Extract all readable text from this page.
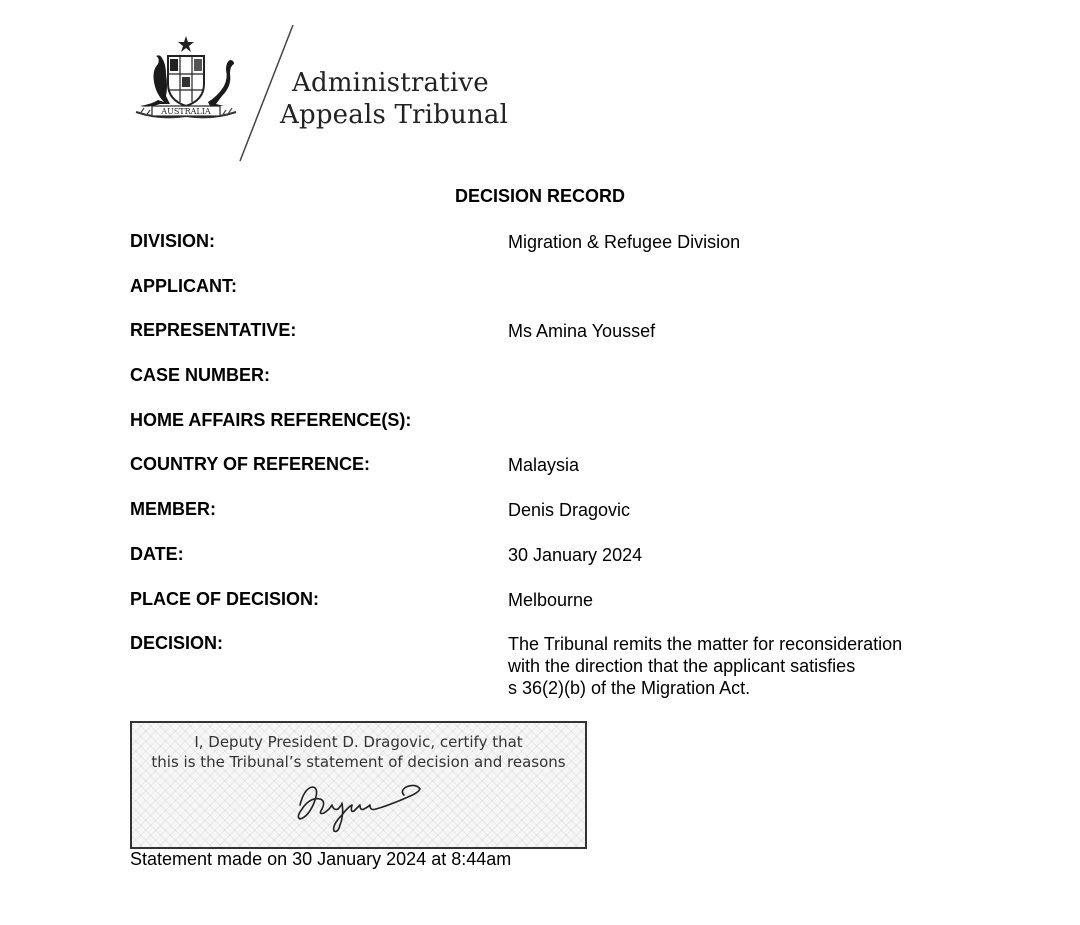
AUSTRALIA
Administrative
Appeals Tribunal
DECISION RECORD
DIVISION:	Migration & Refugee Division
APPLICANT:
REPRESENTATIVE:	Ms Amina Youssef
CASE NUMBER:
HOME AFFAIRS REFERENCE(S):
COUNTRY OF REFERENCE:	Malaysia
MEMBER:	Denis Dragovic
DATE:	30 January 2024
PLACE OF DECISION:	Melbourne
DECISION:	The Tribunal remits the matter for reconsideration
with the direction that the applicant satisfies
s 36(2)(b) of the Migration Act.
I, Deputy President D. Dragovic, certify that
this is the Tribunal’s statement of decision and reasons
Statement made on 30 January 2024 at 8:44am
